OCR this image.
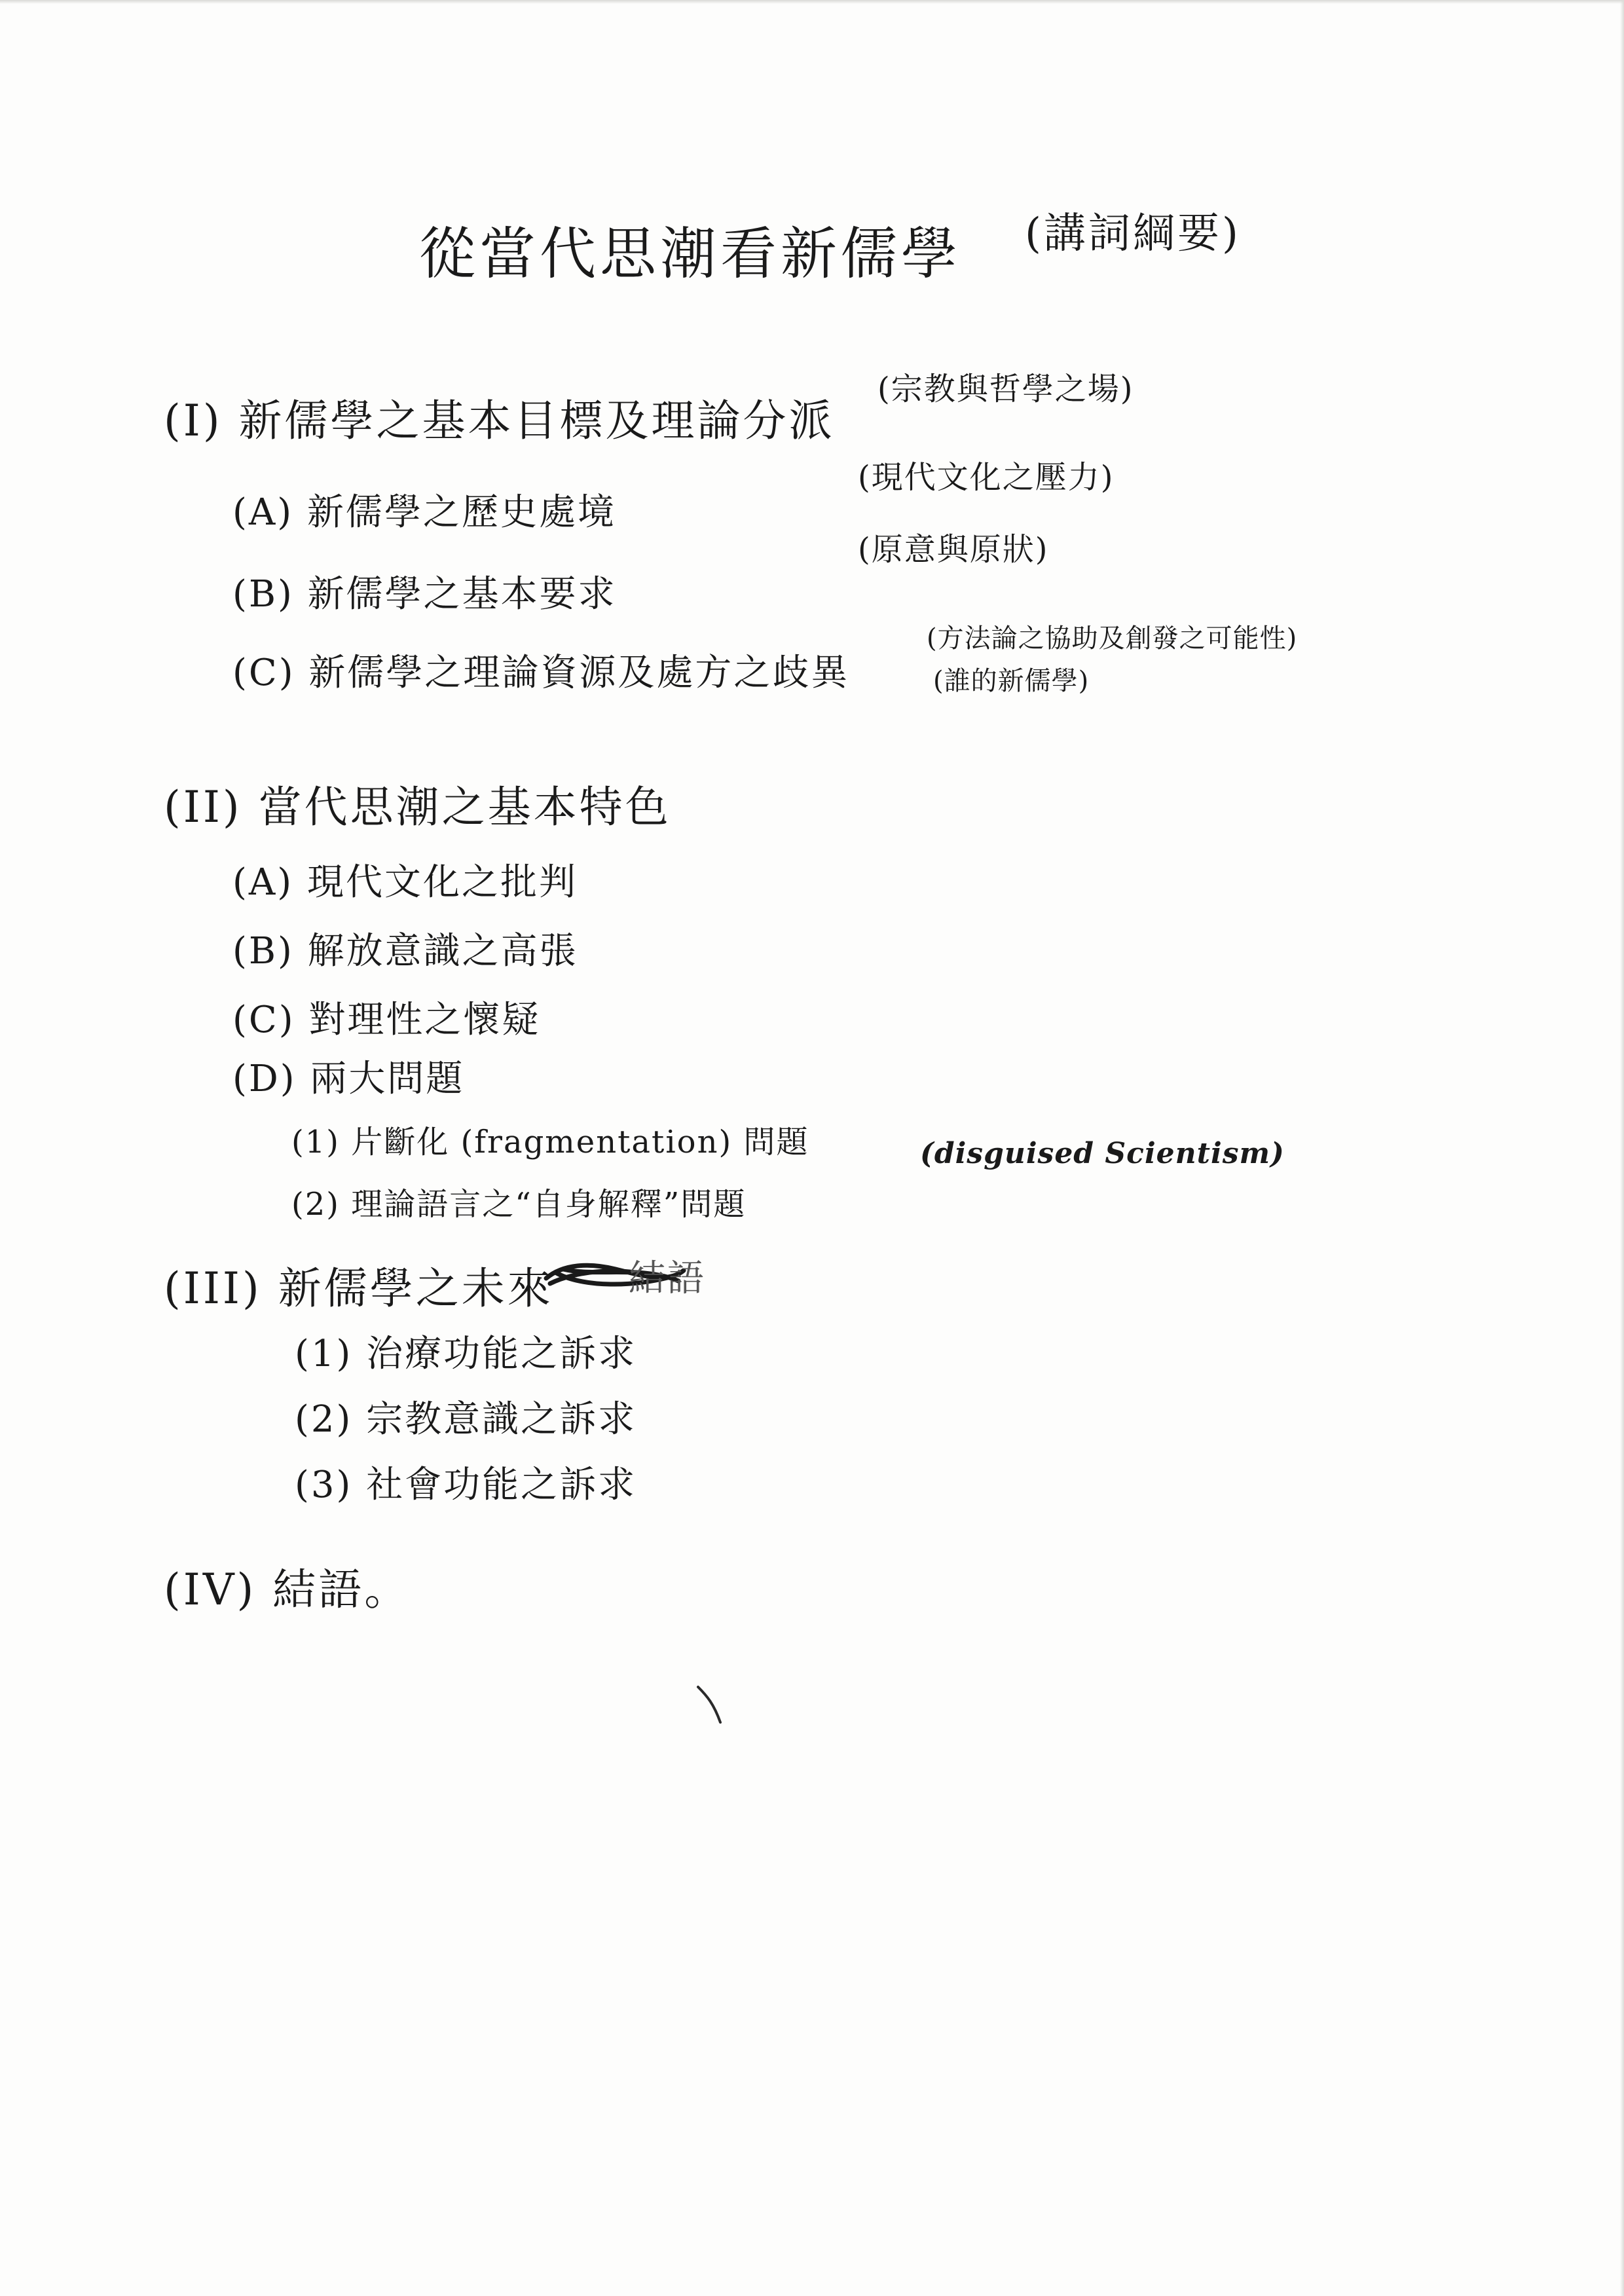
從當代思潮看新儒學 (講詞綱要)
(I) 新儒學之基本目標及理論分派
(宗教與哲學之場)
(A) 新儒學之歷史處境
(現代文化之壓力)
(B) 新儒學之基本要求
(原意與原狀)
(C) 新儒學之理論資源及處方之歧異
(方法論之協助及創發之可能性)
(誰的新儒學)
(II) 當代思潮之基本特色
(A) 現代文化之批判
(B) 解放意識之高張
(C) 對理性之懷疑
(D) 兩大問題
(1) 片斷化 (fragmentation) 問題
(2) 理論語言之“自身解釋”問題
(disguised Scientism)
(III) 新儒學之未來 結語
(1) 治療功能之訴求
(2) 宗教意識之訴求
(3) 社會功能之訴求
(IV) 結語。
